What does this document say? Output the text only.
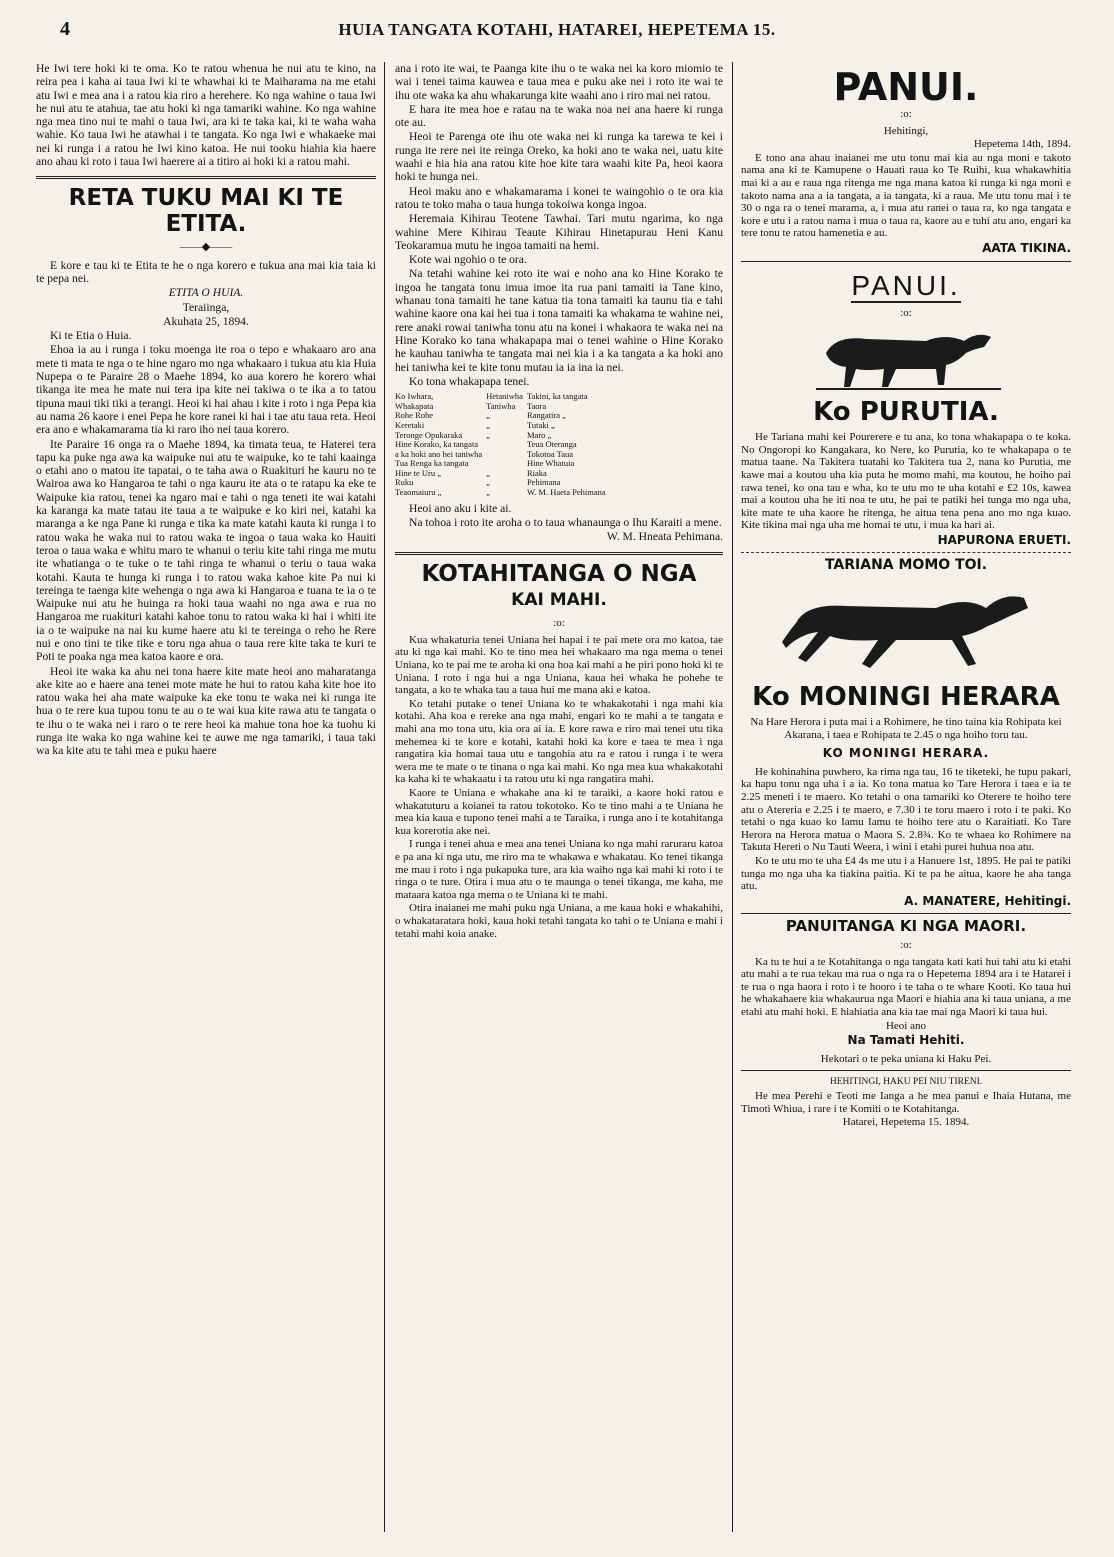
4	HUIA TANGATA KOTAHI, HATAREI, HEPETEMA 15.

He Iwi tere hoki ki te oma. Ko te ratou whenua he nui atu te kino, na reira pea i kaha ai taua Iwi ki te whawhai ki te Maiharama na me etahi atu Iwi e mea ana i a ratou kia riro a herehere. Ko nga wahine o taua Iwi he nui atu te atahua, tae atu hoki ki nga tamariki wahine. Ko nga wahine nga mea tino nui te mahi o taua Iwi, ara ki te taka kai, ki te waha waha wahie. Ko taua Iwi he atawhai i te tangata. Ko nga Iwi e whakaeke mai nei ki runga i a ratou he Iwi kino katoa. He nui tooku hiahia kia haere ano ahau ki roto i taua Iwi haerere ai a titiro ai hoki ki a ratou mahi.

RETA TUKU MAI KI TE ETITA.
——◆——

E kore e tau ki te Etita te he o nga korero e tukua ana mai kia taia ki te pepa nei.

ETITA O HUIA.

Teraiinga,

Akuhata 25, 1894.

Ki te Etia o Huia.

Ehoa ia au i runga i toku moenga ite roa o tepo e whakaaro aro ana mete ti mata te nga o te hine ngaro mo nga whakaaro i tukua atu kia Huia Nupepa o te Paraire 28 o Maehe 1894, ko aua korero he korero whai tikanga ite mea he mate nui tera ipa kite nei takiwa o te ika a to tatou tipuna maui tiki tiki a terangi. Heoi ki hai ahau i kite i roto i nga Pepa kia au nama 26 kaore i enei Pepa he kore ranei ki hai i tae atu taua reta. Heoi era ano e whakamarama tia ki raro iho nei taua korero.

Ite Paraire 16 onga ra o Maehe 1894, ka timata teua, te Haterei tera tapu ka puke nga awa ka waipuke nui atu te waipuke, ko te tahi kaainga o etahi ano o matou ite tapatai, o te taha awa o Ruakituri he kauru no te Wairoa awa ko Hangaroa te tahi o nga kauru ite ata o te ratapu ka eke te Waipuke kia ratou, tenei ka ngaro mai e tahi o nga teneti ite wai katahi ka karanga ka mate tatau ite taua a te waipuke e ko kiri nei, katahi ka maranga a ke nga Pane ki runga e tika ka mate katahi kauta ki runga i to ratou waka he waka nui to ratou waka te ingoa o taua waka ko Hauiti teroa o taua waka e whitu maro te whanui o teriu kite tahi ringa me mutu ite whatianga o te tuke o te tahi ringa te whanui o teriu o taua waka kotahi. Kauta te hunga ki runga i to ratou waka kahoe kite Pa nui ki tereinga te taenga kite wehenga o nga awa ki Hangaroa e tuana te ia o te Waipuke nui atu he huinga ra hoki taua waahi no nga awa e rua no Hangaroa me ruakituri katahi kahoe tonu to ratou waka ki hai i whiti ite ia o te waipuke na nai ku kume haere atu ki te tereinga o reho he Rere nui e ono tini te tike tike e toru nga ahua o taua rere kite taka te kuri te Poti te poaka nga mea katoa kaore e ora.

Heoi ite waka ka ahu nei tona haere kite mate heoi ano maharatanga ake kite ao e haere ana tenei mote mate he hui to ratou kaha kite hoe ito ratou waka hei aha mate waipuke ka eke tonu te waka nei ki runga ite hua o te rere kua tupou tonu te au o te wai kua kite rawa atu te tangata o te ihu o te waka nei i raro o te rere heoi ka mahue tona hoe ka tuohu ki runga ite waka ko nga wahine kei te auwe me nga tamariki, i taua taki wa ka kite atu te tahi mea e puku haere

ana i roto ite wai, te Paanga kite ihu o te waka nei ka koro miomio te wai i tenei taima kauwea e taua mea e puku ake nei i roto ite wai te ihu ote waka ka ahu whakarunga kite waahi ano i riro mai nei ratou.

E hara ite mea hoe e ratau na te waka noa nei ana haere ki runga ote au.

Heoi te Parenga ote ihu ote waka nei ki runga ka tarewa te kei i runga ite rere nei ite reinga Oreko, ka hoki ano te waka nei, uatu kite waahi e hia hia ana ratou kite hoe kite tara waahi kite Pa, heoi kaora hoki te hunga nei.

Heoi maku ano e whakamarama i konei te waingohio o te ora kia ratou te toko maha o taua hunga tokoiwa konga ingoa.

Heremaia Kihirau Teotene Tawhai. Tari mutu ngarima, ko nga wahine Mere Kihirau Teaute Kihirau Hinetapurau Heni Kanu Teokaramua mutu he ingoa tamaiti na hemi.

Kote wai ngohio o te ora.

Na tetahi wahine kei roto ite wai e noho ana ko Hine Korako te ingoa he tangata tonu imua imoe ita rua pani tamaiti ia Tane kino, whanau tona tamaiti he tane katua tia tona tamaiti ka taunu tia e tahi wahine kaore ona kai hei tua i tona tamaiti ka whakama te wahine nei, rere anaki rowai taniwha tonu atu na konei i whakaora te waka nei na Hine Korako ko tana whakapapa mai o tenei wahine o Hine Korako he kauhau taniwha te tangata mai nei kia i a ka tangata a ka hoki ano hei taniwha kei te kite tonu mutau ia ia ina ia nei.

Ko tona whakapapa tenei.

Ko Iwhara,	Hetaniwha	Takini, ka tangata
Whakapata	Taniwha	Taora
Rohe Rohe	„	Rangatira „
Keretaki	„	Tutaki „
Teronge Opukaraka	„	Maro „
Hine Korako, ka tangata		Teua Oteranga
a ka hoki ano hei taniwha		Tokotoa Taua
Tua Renga ka tangata		Hine Whatuia
Hine te Uru „	„	Riaka
Ruku	„	Pehimana
Teaomaiuru „	„	W. M. Haeta Pehimana

Heoi ano aku i kite ai.

Na tohoa i roto ite aroha o to taua whanaunga o Ihu Karaiti a mene.

W. M. Hneata Pehimana.

KOTAHITANGA O NGA
KAI MAHI.
:o:

Kua whakaturia tenei Uniana hei hapai i te pai mete ora mo katoa, tae atu ki nga kai mahi. Ko te tino mea hei whakaaro ma nga mema o tenei Uniana, ko te pai me te aroha ki ona hoa kai mahi a he piri pono hoki ki te Uniana. I roto i nga hui a nga Uniana, kaua hei whaka he pohehe te tangata, a ko te whaka tau a taua hui me mana aki e katoa.

Ko tetahi putake o tenei Uniana ko te whakakotahi i nga mahi kia kotahi. Aha koa e rereke ana nga mahi, engari ko te mahi a te tangata e mahi ana mo tona utu, kia ora ai ia. E kore rawa e riro mai tenei utu tika mehemea ki te kore e kotahi, katahi hoki ka kore e taea te mea i nga rangatira kia homai taua utu e tangohia atu ra e ratou i runga i te wera wera me te mate o te tinana o nga kai mahi. Ko nga mea kua whakakotahi ka kaha ki te whakaatu i ta ratou utu ki nga rangatira mahi.

Kaore te Uniana e whakahe ana ki te taraiki, a kaore hoki ratou e whakatuturu a koianei ta ratou tokotoko. Ko te tino mahi a te Uniana he mea kia kaua e tupono tenei mahi a te Taraika, i runga ano i te kotahitanga kua korerotia ake nei.

I runga i tenei ahua e mea ana tenei Uniana ko nga mahi raruraru katoa e pa ana ki nga utu, me riro ma te whakawa e whakatau. Ko tenei tikanga me mau i roto i nga pukapuka ture, ara kia waiho nga kai mahi ki roto i te ringa o te ture. Otira i mua atu o te maunga o tenei tikanga, me kaha, me mataara katoa nga mema o te Uniana ki te mahi.

Otira inaianei me mahi puku nga Uniana, a me kaua hoki e whakahihi, o whakataratara hoki, kaua hoki tetahi tangata ko tahi o te Uniana e mahi i tetahi mahi koia anake.

PANUI.
:o:

Hehitingi,

Hepetema 14th, 1894.

E tono ana ahau inaianei me utu tonu mai kia au nga moni e takoto nama ana ki te Kamupene o Hauati raua ko Te Ruihi, kua whakawhitia mai ki a au e raua nga ritenga me nga mana katoa ki runga ki nga moni e takoto nama ana a ia tangata, a ia tangata, ki a raua. Me utu tonu mai i te 30 o nga ra o tenei marama, a, i mua atu ranei o taua ra, ko nga tangata e kore e utu i a ratou nama i mua o taua ra, kaore au e tuhi atu ano, engari ka tere tonu te ratou hamenetia e au.

AATA TIKINA.

PANUI.
:o:
Ko PURUTIA.

He Tariana mahi kei Pourerere e tu ana, ko tona whakapapa o te koka. No Ongoropi ko Kangakara, ko Nere, ko Purutia, ko te whakapapa o te matua taane. Na Takitera tuatahi ko Takitera tua 2, nana ko Purutia, me kawe mai a koutou uha kia puta he momo mahi, ma koutou, he hoiho pai rawa tenei, ko ona tau e wha, ko te utu mo te uha kotahi e £2 10s, kawea mai a koutou uha he iti noa te utu, he pai te patiki hei tunga mo nga uha, kite mate te uha kaore he ritenga, he aitua tena pena ano mo nga kuao. Kite tikina mai nga uha me homai te utu, i mua ka hari ai.

HAPURONA ERUETI.

TARIANA MOMO TOI.
Ko MONINGI HERARA

Na Hare Herora i puta mai i a Rohimere, he tino taina kia Rohipata kei Akarana, i taea e Rohipata te 2.45 o nga hoiho toru tau.

KO MONINGI HERARA.

He kohinahina puwhero, ka rima nga tau, 16 te tiketeki, he tupu pakari, ka hapu tonu nga uha i a ia. Ko tona matua ko Tare Herora i taea e ia te 2.25 meneti i te maero. Ko tetahi o ona tamariki ko Oterere te hoiho tere atu o Atereria e 2.25 i te maero, e 7.30 i te toru maero i roto i te paki. Ko tetahi o nga kuao ko Iamu Iamu te hoiho tere atu o Karaitiati. Ko Tare Herora na Herora matua o Maora S. 2.8¾. Ko te whaea ko Rohimere na Takuta Hereti o Nu Tauti Weera, i wini i etahi purei huhua noa atu.

Ko te utu mo te uha £4 4s me utu i a Hanuere 1st, 1895. He pai te patiki tunga mo nga uha ka tiakina paitia. Ki te pa he aitua, kaore he aha tanga atu.

A. MANATERE, Hehitingi.

PANUITANGA KI NGA MAORI.
:o:

Ka tu te hui a te Kotahitanga o nga tangata kati kati hui tahi atu ki etahi atu mahi a te rua tekau ma rua o nga ra o Hepetema 1894 ara i te Hatarei i te rua o nga haora i roto i te hooro i te taha o te whare Kooti. Ko taua hui he whakahaere kia whakaurua nga Maori e hiahia ana ki taua uniana, a me etahi atu mahi hoki. E hiahiatia ana kia tae mai nga Maori ki taua hui.

Heoi ano

Na Tamati Hehiti.

Hekotari o te peka uniana ki Haku Pei.

HEHITINGI, HAKU PEI NIU TIRENI.

He mea Perehi e Teoti me Ianga a he mea panui e Ihaia Hutana, me Timoti Whiua, i rare i te Komiti o te Kotahitanga.

Hatarei, Hepetema 15. 1894.
